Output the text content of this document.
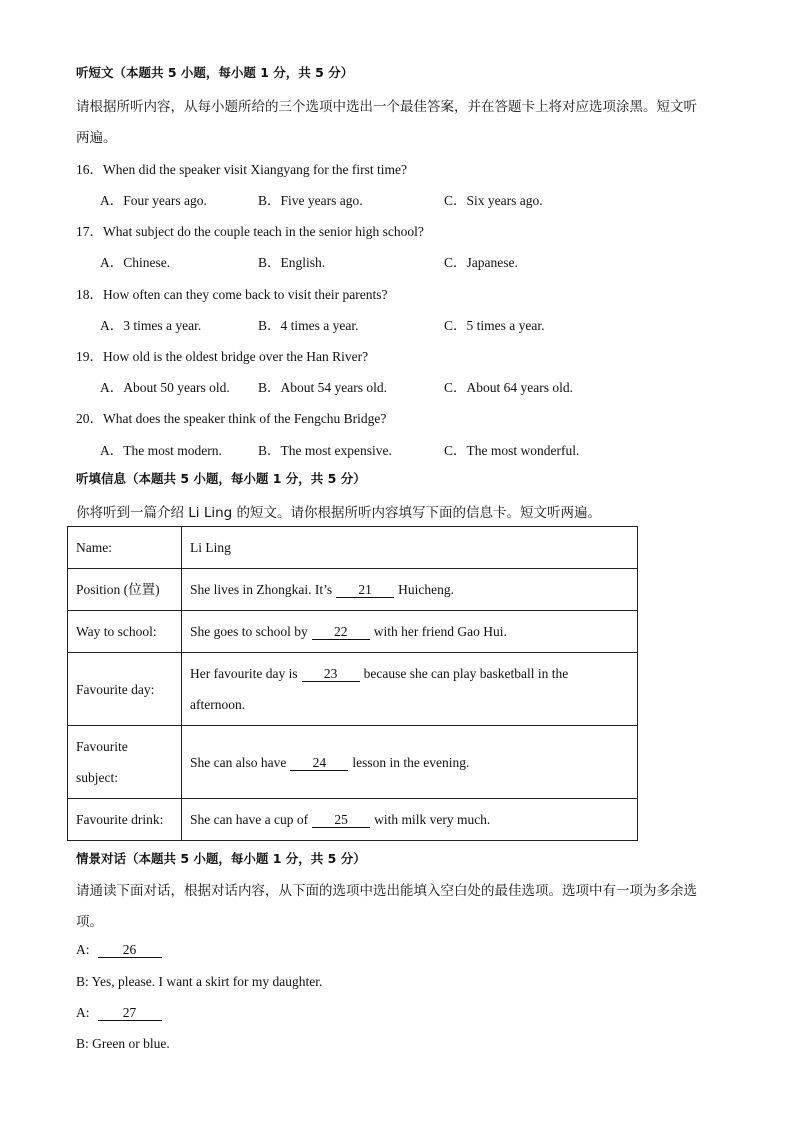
听短文（本题共 5 小题，每小题 1 分，共 5 分）
请根据所听内容，从每小题所给的三个选项中选出一个最佳答案，并在答题卡上将对应选项涂黑。短文听
两遍。
16．When did the speaker visit Xiangyang for the first time?
A．Four years ago.	B．Five years ago.	C．Six years ago.
17．What subject do the couple teach in the senior high school?
A．Chinese.	B．English.	C．Japanese.
18．How often can they come back to visit their parents?
A．3 times a year.	B．4 times a year.	C．5 times a year.
19．How old is the oldest bridge over the Han River?
A．About 50 years old. B．About 54 years old.	C．About 64 years old.
20．What does the speaker think of the Fengchu Bridge?
A．The most modern.	B．The most expensive.	C．The most wonderful.
听填信息（本题共 5 小题，每小题 1 分，共 5 分）
你将听到一篇介绍 Li Ling 的短文。请你根据所听内容填写下面的信息卡。短文听两遍。
Name:	Li Ling
Position (位置)	She lives in Zhongkai. It’s 21 Huicheng.
Way to school:	She goes to school by 22 with her friend Gao Hui.
Favourite day:	Her favourite day is 23 because she can play basketball in the
afternoon.

Favourite
subject:	She can also have 24 lesson in the evening.
Favourite drink:	She can have a cup of 25 with milk very much.
情景对话（本题共 5 小题，每小题 1 分，共 5 分）
请通读下面对话，根据对话内容，从下面的选项中选出能填入空白处的最佳选项。选项中有一项为多余选
项。
A: 26
B: Yes, please. I want a skirt for my daughter.
A: 27
B: Green or blue.
